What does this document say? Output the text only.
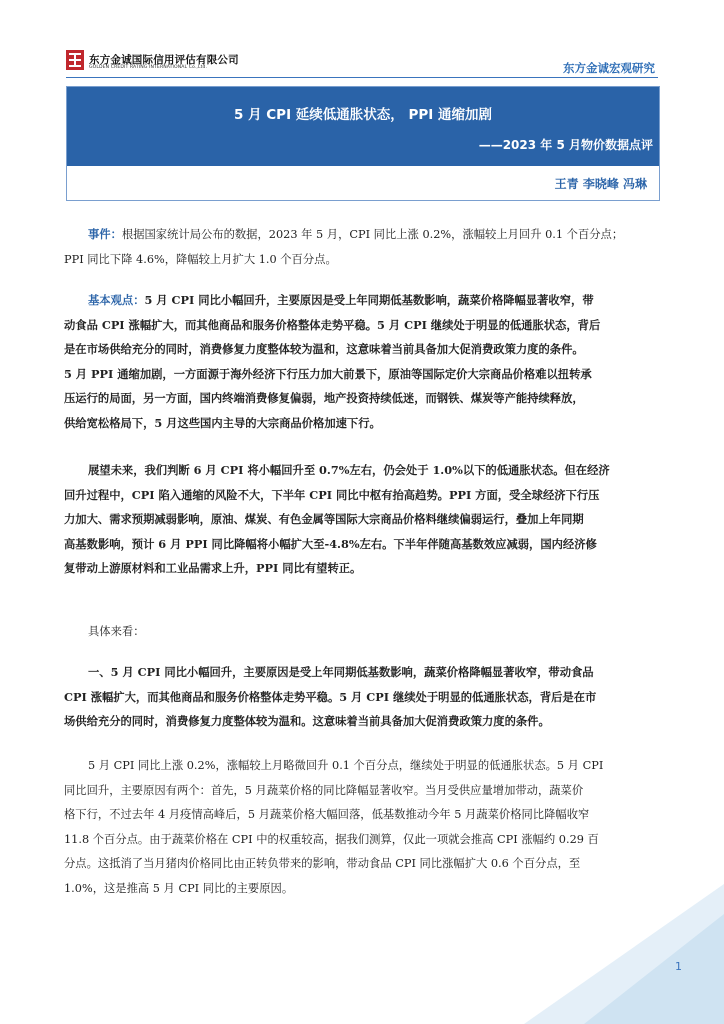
东方金诚国际信用评估有限公司
GOLDEN CREDIT RATING INTERNATIONAL Co.,Ltd.	东方金诚宏观研究
5 月 CPI 延续低通胀状态， PPI 通缩加剧
——2023 年 5 月物价数据点评
王青 李晓峰 冯琳
事件：根据国家统计局公布的数据，2023 年 5 月，CPI 同比上涨 0.2%，涨幅较上月回升 0.1 个百分点；
PPI 同比下降 4.6%，降幅较上月扩大 1.0 个百分点。
基本观点：5 月 CPI 同比小幅回升，主要原因是受上年同期低基数影响，蔬菜价格降幅显著收窄，带
动食品 CPI 涨幅扩大，而其他商品和服务价格整体走势平稳。5 月 CPI 继续处于明显的低通胀状态，背后
是在市场供给充分的同时，消费修复力度整体较为温和，这意味着当前具备加大促消费政策力度的条件。
5 月 PPI 通缩加剧，一方面源于海外经济下行压力加大前景下，原油等国际定价大宗商品价格难以扭转承
压运行的局面，另一方面，国内终端消费修复偏弱，地产投资持续低迷，而钢铁、煤炭等产能持续释放，
供给宽松格局下，5 月这些国内主导的大宗商品价格加速下行。
展望未来，我们判断 6 月 CPI 将小幅回升至 0.7%左右，仍会处于 1.0%以下的低通胀状态。但在经济
回升过程中，CPI 陷入通缩的风险不大，下半年 CPI 同比中枢有抬高趋势。PPI 方面，受全球经济下行压
力加大、需求预期减弱影响，原油、煤炭、有色金属等国际大宗商品价格料继续偏弱运行，叠加上年同期
高基数影响，预计 6 月 PPI 同比降幅将小幅扩大至-4.8%左右。下半年伴随高基数效应减弱，国内经济修
复带动上游原材料和工业品需求上升，PPI 同比有望转正。
具体来看：
一、5 月 CPI 同比小幅回升，主要原因是受上年同期低基数影响，蔬菜价格降幅显著收窄，带动食品
CPI 涨幅扩大，而其他商品和服务价格整体走势平稳。5 月 CPI 继续处于明显的低通胀状态，背后是在市
场供给充分的同时，消费修复力度整体较为温和。这意味着当前具备加大促消费政策力度的条件。
5 月 CPI 同比上涨 0.2%，涨幅较上月略微回升 0.1 个百分点，继续处于明显的低通胀状态。5 月 CPI
同比回升，主要原因有两个：首先，5 月蔬菜价格的同比降幅显著收窄。当月受供应量增加带动，蔬菜价
格下行，不过去年 4 月疫情高峰后，5 月蔬菜价格大幅回落，低基数推动今年 5 月蔬菜价格同比降幅收窄
11.8 个百分点。由于蔬菜价格在 CPI 中的权重较高，据我们测算，仅此一项就会推高 CPI 涨幅约 0.29 百
分点。这抵消了当月猪肉价格同比由正转负带来的影响，带动食品 CPI 同比涨幅扩大 0.6 个百分点，至
1.0%，这是推高 5 月 CPI 同比的主要原因。
1
